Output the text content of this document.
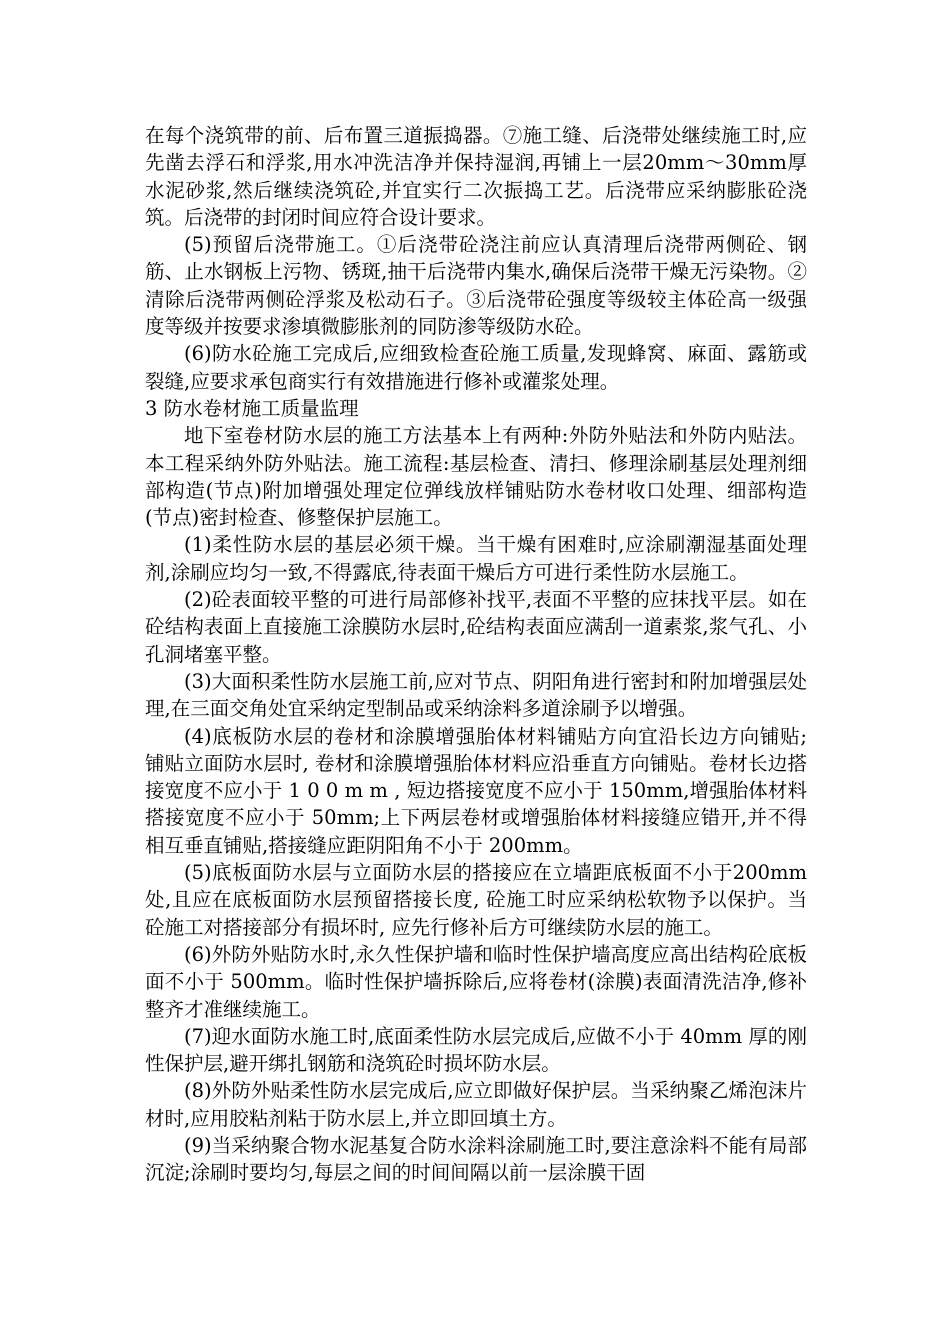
在每个浇筑带的前、后布置三道振捣器。⑦施工缝、后浇带处继续施工时,应先凿去浮石和浮浆,用水冲洗洁净并保持湿润,再铺上一层20mm～30mm厚水泥砂浆,然后继续浇筑砼,并宜实行二次振捣工艺。后浇带应采纳膨胀砼浇筑。后浇带的封闭时间应符合设计要求。

(5)预留后浇带施工。①后浇带砼浇注前应认真清理后浇带两侧砼、钢筋、止水钢板上污物、锈斑,抽干后浇带内集水,确保后浇带干燥无污染物。②清除后浇带两侧砼浮浆及松动石子。③后浇带砼强度等级较主体砼高一级强度等级并按要求渗填微膨胀剂的同防渗等级防水砼。

(6)防水砼施工完成后,应细致检查砼施工质量,发现蜂窝、麻面、露筋或裂缝,应要求承包商实行有效措施进行修补或灌浆处理。

3 防水卷材施工质量监理

地下室卷材防水层的施工方法基本上有两种:外防外贴法和外防内贴法。本工程采纳外防外贴法。施工流程:基层检查、清扫、修理涂刷基层处理剂细部构造(节点)附加增强处理定位弹线放样铺贴防水卷材收口处理、细部构造(节点)密封检查、修整保护层施工。

(1)柔性防水层的基层必须干燥。当干燥有困难时,应涂刷潮湿基面处理剂,涂刷应均匀一致,不得露底,待表面干燥后方可进行柔性防水层施工。

(2)砼表面较平整的可进行局部修补找平,表面不平整的应抹找平层。如在砼结构表面上直接施工涂膜防水层时,砼结构表面应满刮一道素浆,浆气孔、小孔洞堵塞平整。

(3)大面积柔性防水层施工前,应对节点、阴阳角进行密封和附加增强层处理,在三面交角处宜采纳定型制品或采纳涂料多道涂刷予以增强。

(4)底板防水层的卷材和涂膜增强胎体材料铺贴方向宜沿长边方向铺贴; 铺贴立面防水层时, 卷材和涂膜增强胎体材料应沿垂直方向铺贴。卷材长边搭接宽度不应小于 1 0 0 m m , 短边搭接宽度不应小于 150mm,增强胎体材料搭接宽度不应小于 50mm;上下两层卷材或增强胎体材料接缝应错开,并不得相互垂直铺贴,搭接缝应距阴阳角不小于 200mm。

(5)底板面防水层与立面防水层的搭接应在立墙距底板面不小于200mm 处,且应在底板面防水层预留搭接长度, 砼施工时应采纳松软物予以保护。当砼施工对搭接部分有损坏时, 应先行修补后方可继续防水层的施工。

(6)外防外贴防水时,永久性保护墙和临时性保护墙高度应高出结构砼底板面不小于 500mm。临时性保护墙拆除后,应将卷材(涂膜)表面清洗洁净,修补整齐才准继续施工。

(7)迎水面防水施工时,底面柔性防水层完成后,应做不小于 40mm 厚的刚性保护层,避开绑扎钢筋和浇筑砼时损坏防水层。

(8)外防外贴柔性防水层完成后,应立即做好保护层。当采纳聚乙烯泡沫片材时,应用胶粘剂粘于防水层上,并立即回填土方。

(9)当采纳聚合物水泥基复合防水涂料涂刷施工时,要注意涂料不能有局部沉淀;涂刷时要均匀,每层之间的时间间隔以前一层涂膜干固
